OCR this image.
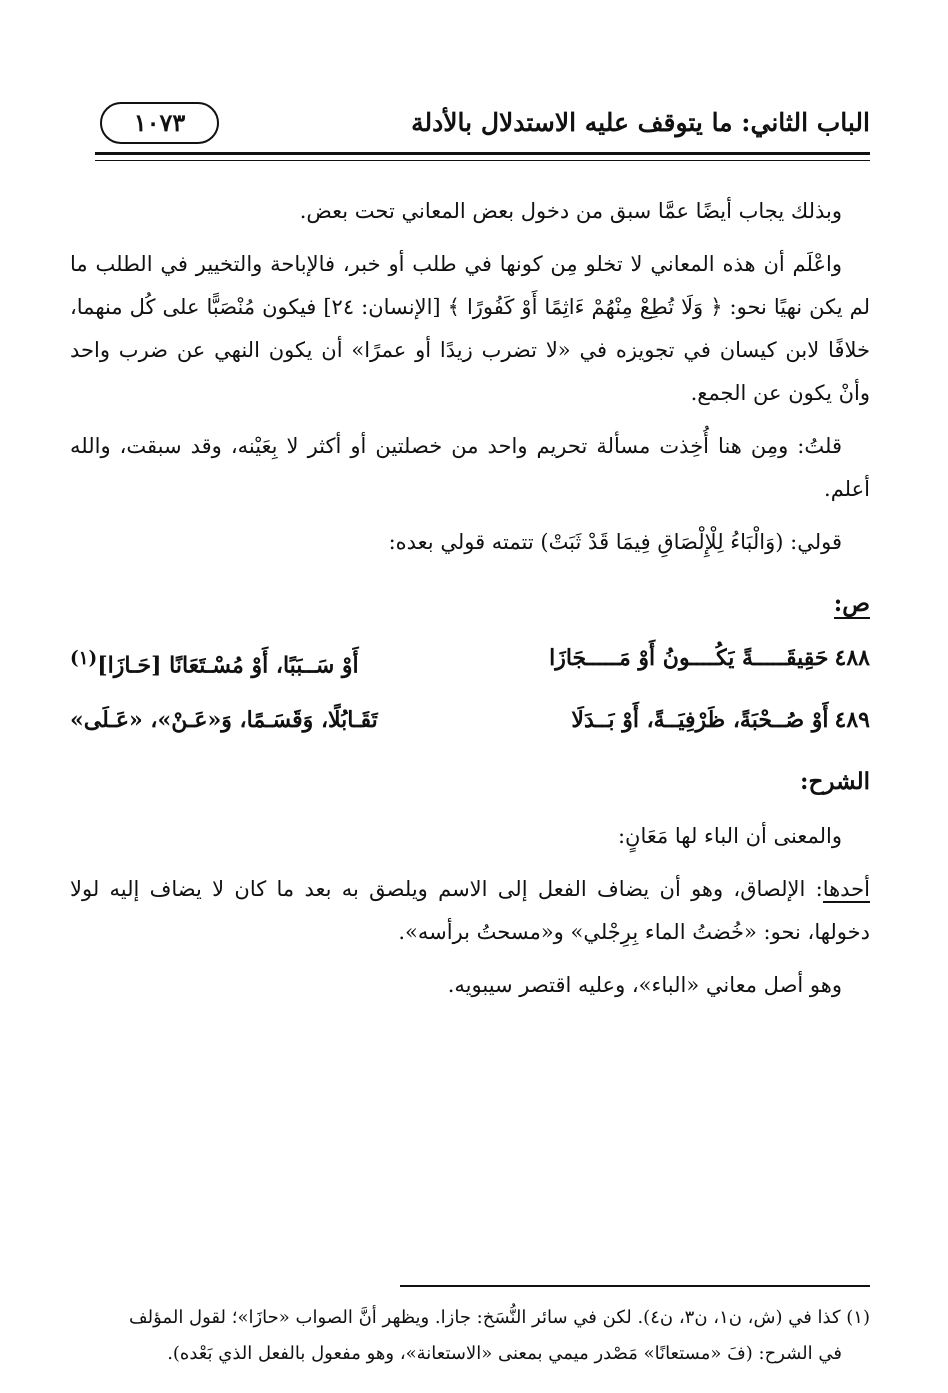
الباب الثاني: ما يتوقف عليه الاستدلال بالأدلة
١٠٧٣

وبذلك يجاب أيضًا عمَّا سبق من دخول بعض المعاني تحت بعض.

واعْلَم أن هذه المعاني لا تخلو مِن كونها في طلب أو خبر، فالإباحة والتخيير في الطلب ما لم يكن نهيًا نحو: ﴿ وَلَا تُطِعْ مِنْهُمْ ءَاثِمًا أَوْ كَفُورًا ﴾ [الإنسان: ٢٤] فيكون مُنْصَبًّا على كُل منهما، خلافًا لابن كيسان في تجويزه في «لا تضرب زيدًا أو عمرًا» أن يكون النهي عن ضرب واحد وأنْ يكون عن الجمع.

قلتُ: ومِن هنا أُخِذت مسألة تحريم واحد من خصلتين أو أكثر لا بِعَيْنه، وقد سبقت، والله أعلم.

قولي: (وَالْبَاءُ لِلْإِلْصَاقِ فِيمَا قَدْ ثَبَتْ) تتمته قولي بعده:

ص:
٤٨٨حَقِيقَـــــةً يَكُــــونُ أَوْ مَـــــجَازَا
أَوْ سَــبَبًا، أَوْ مُسْـتَعَانًا [حَـازَا]$^{(١)}$
٤٨٩أَوْ صُــحْبَةً، ظَرْفِيَــةً، أَوْ بَــدَلَا
تَقَـابُلًا، وَقَسَـمًا، وَ«عَـنْ»، «عَـلَى»
الشرح:

والمعنى أن الباء لها مَعَانٍ:

أحدها: الإلصاق، وهو أن يضاف الفعل إلى الاسم ويلصق به بعد ما كان لا يضاف إليه لولا دخولها، نحو: «خُضتُ الماء بِرِجْلي» و«مسحتُ برأسه».

وهو أصل معاني «الباء»، وعليه اقتصر سيبويه.

(١) كذا في (ش، ن١، ن٣، ن٤). لكن في سائر النُّسَخ: جازا. ويظهر أنَّ الصواب «حازَا»؛ لقول المؤلف

في الشرح: (فَ «مستعانًا» مَصْدر ميمي بمعنى «الاستعانة»، وهو مفعول بالفعل الذي بَعْده).
